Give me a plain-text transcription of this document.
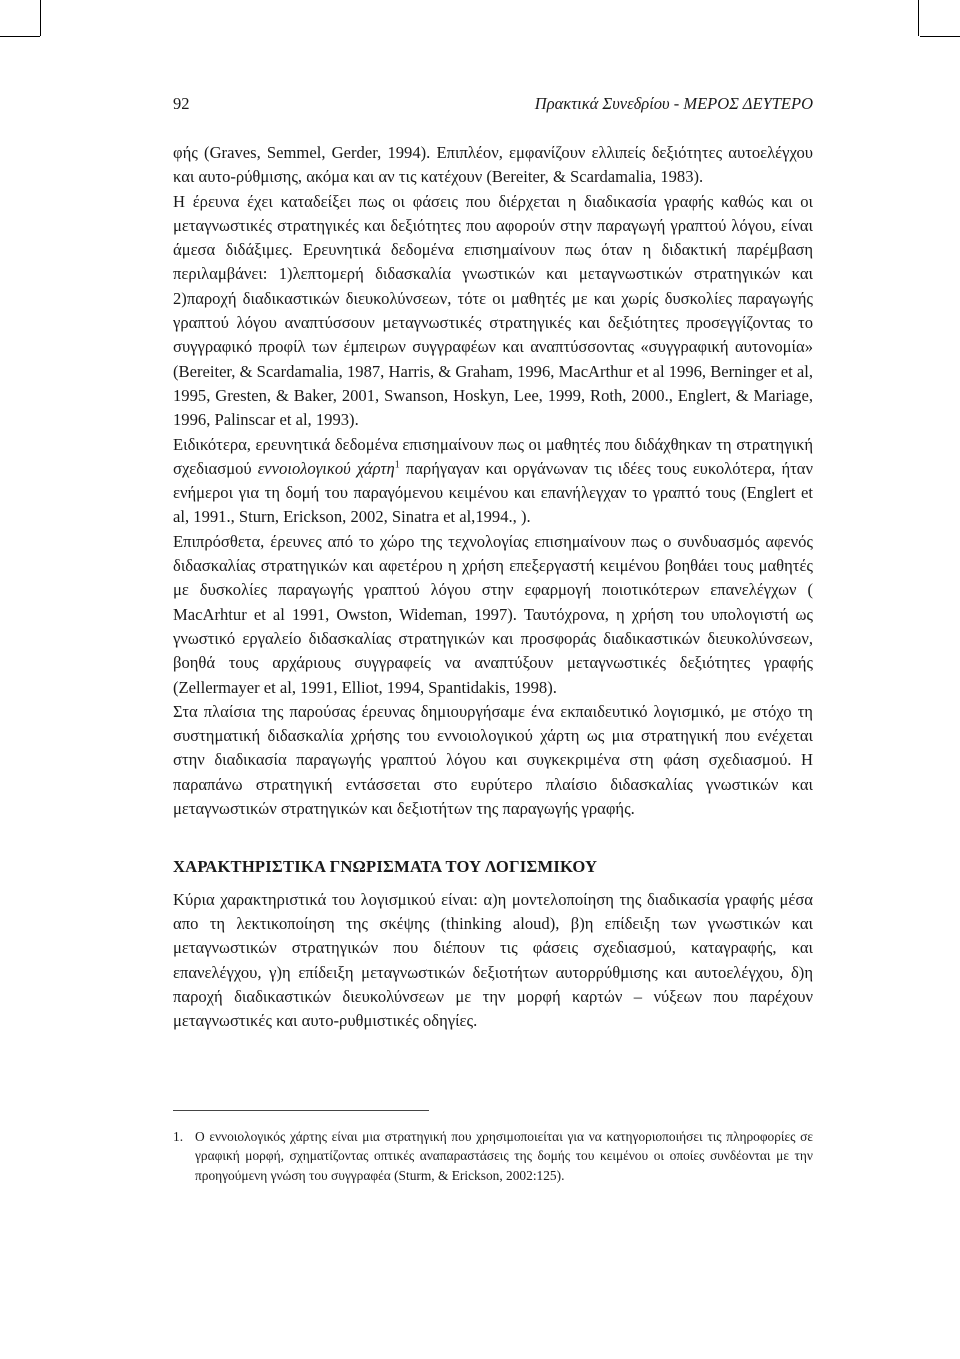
92	Πρακτικά Συνεδρίου - ΜΕΡΟΣ ΔΕΥΤΕΡΟ

φής (Graves, Semmel, Gerder, 1994). Επιπλέον, εμφανίζουν ελλιπείς δεξιότητες αυτοελέγχου και αυτο-ρύθμισης, ακόμα και αν τις κατέχουν (Bereiter, & Scardamalia, 1983).

Η έρευνα έχει καταδείξει πως οι φάσεις που διέρχεται η διαδικασία γραφής καθώς και οι μεταγνωστικές στρατηγικές και δεξιότητες που αφορούν στην παραγωγή γραπτού λόγου, είναι άμεσα διδάξιμες. Ερευνητικά δεδομένα επισημαίνουν πως όταν η διδακτική παρέμβαση περιλαμβάνει: 1)λεπτομερή διδασκαλία γνωστικών και μεταγνωστικών στρατηγικών και 2)παροχή διαδικαστικών διευκολύνσεων, τότε οι μαθητές με και χωρίς δυσκολίες παραγωγής γραπτού λόγου αναπτύσσουν μεταγνωστικές στρατηγικές και δεξιότητες προσεγγίζοντας το συγγραφικό προφίλ των έμπειρων συγγραφέων και αναπτύσσοντας «συγγραφική αυτονομία» (Bereiter, & Scardamalia, 1987, Harris, & Graham, 1996, MacArthur et al 1996, Berninger et al, 1995, Gresten, & Baker, 2001, Swanson, Hoskyn, Lee, 1999, Roth, 2000., Englert, & Mariage, 1996, Palinscar et al, 1993).

Ειδικότερα, ερευνητικά δεδομένα επισημαίνουν πως οι μαθητές που διδάχθηκαν τη στρατηγική σχεδιασμού εννοιολογικού χάρτη$^1$ παρήγαγαν και οργάνωναν τις ιδέες τους ευκολότερα, ήταν ενήμεροι για τη δομή του παραγόμενου κειμένου και επανήλεγχαν το γραπτό τους (Englert et al, 1991., Sturn, Erickson, 2002, Sinatra et al,1994., ).

Επιπρόσθετα, έρευνες από το χώρο της τεχνολογίας επισημαίνουν πως ο συνδυασμός αφενός διδασκαλίας στρατηγικών και αφετέρου η χρήση επεξεργαστή κειμένου βοηθάει τους μαθητές με δυσκολίες παραγωγής γραπτού λόγου στην εφαρμογή ποιοτικότερων επανελέγχων ( MacArhtur et al 1991, Owston, Wideman, 1997). Ταυτόχρονα, η χρήση του υπολογιστή ως γνωστικό εργαλείο διδασκαλίας στρατηγικών και προσφοράς διαδικαστικών διευκολύνσεων, βοηθά τους αρχάριους συγγραφείς να αναπτύξουν μεταγνωστικές δεξιότητες γραφής (Zellermayer et al, 1991, Elliot, 1994, Spantidakis, 1998).

Στα πλαίσια της παρούσας έρευνας δημιουργήσαμε ένα εκπαιδευτικό λογισμικό, με στόχο τη συστηματική διδασκαλία χρήσης του εννοιολογικού χάρτη ως μια στρατηγική που ενέχεται στην διαδικασία παραγωγής γραπτού λόγου και συγκεκριμένα στη φάση σχεδιασμού. Η παραπάνω στρατηγική εντάσσεται στο ευρύτερο πλαίσιο διδασκαλίας γνωστικών και μεταγνωστικών στρατηγικών και δεξιοτήτων της παραγωγής γραφής.

ΧΑΡΑΚΤΗΡΙΣΤΙΚΑ ΓΝΩΡΙΣΜΑΤΑ ΤΟΥ ΛΟΓΙΣΜΙΚΟΥ

Κύρια χαρακτηριστικά του λογισμικού είναι: α)η μοντελοποίηση της διαδικασία γραφής μέσα απο τη λεκτικοποίηση της σκέψης (thinking aloud), β)η επίδειξη των γνωστικών και μεταγνωστικών στρατηγικών που διέπουν τις φάσεις σχεδιασμού, καταγραφής, και επανελέγχου, γ)η επίδειξη μεταγνωστικών δεξιοτήτων αυτορρύθμισης και αυτοελέγχου, δ)η παροχή διαδικαστικών διευκολύνσεων με την μορφή καρτών – νύξεων που παρέχουν μεταγνωστικές και αυτο-ρυθμιστικές οδηγίες.

1. Ο εννοιολογικός χάρτης είναι μια στρατηγική που χρησιμοποιείται για να κατηγοριοποιήσει τις πληροφορίες σε γραφική μορφή, σχηματίζοντας οπτικές αναπαραστάσεις της δομής του κειμένου οι οποίες συνδέονται με την προηγούμενη γνώση του συγγραφέα (Sturm, & Erickson, 2002:125).
